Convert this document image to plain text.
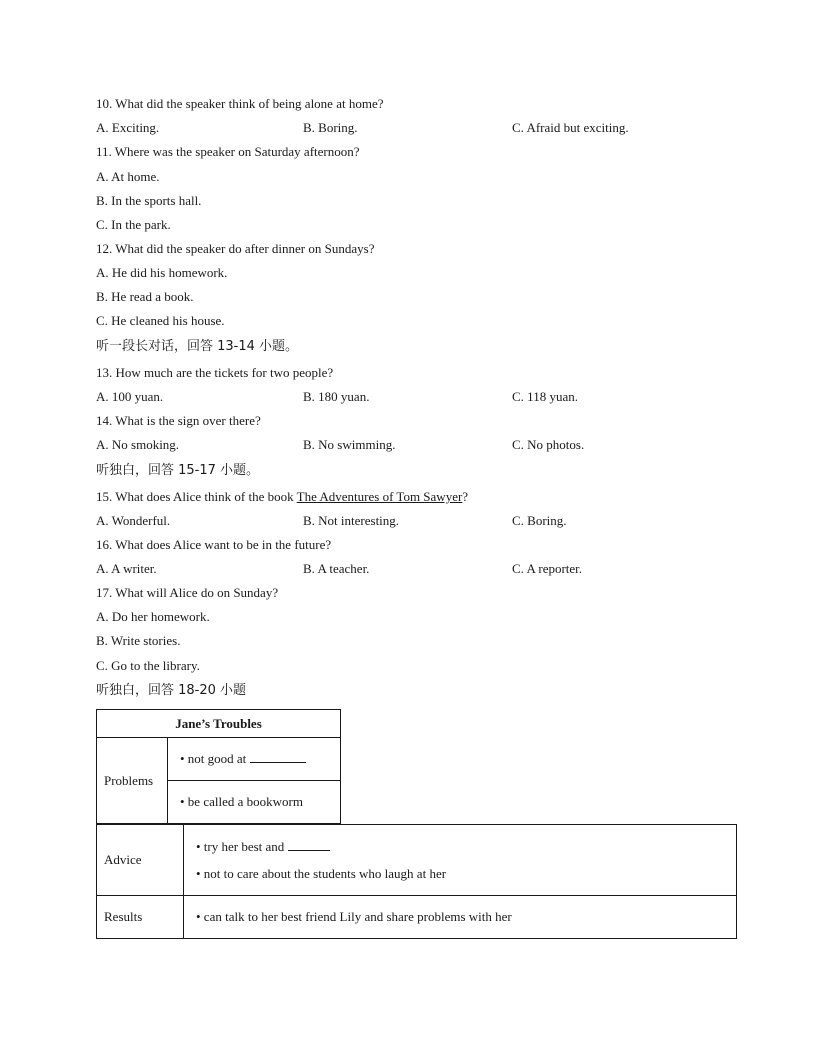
10. What did the speaker think of being alone at home?
A. Exciting.	B. Boring.	C. Afraid but exciting.
11. Where was the speaker on Saturday afternoon?
A. At home.
B. In the sports hall.
C. In the park.
12. What did the speaker do after dinner on Sundays?
A. He did his homework.
B. He read a book.
C. He cleaned his house.
听一段长对话，回答 13-14 小题。
13. How much are the tickets for two people?
A. 100 yuan.	B. 180 yuan.	C. 118 yuan.
14. What is the sign over there?
A. No smoking.	B. No swimming.	C. No photos.
听独白，回答 15-17 小题。
15. What does Alice think of the book The Adventures of Tom Sawyer?
A. Wonderful.	B. Not interesting.	C. Boring.
16. What does Alice want to be in the future?
A. A writer.	B. A teacher.	C. A reporter.
17. What will Alice do on Sunday?
A. Do her homework.
B. Write stories.
C. Go to the library.
听独白，回答 18-20 小题
Jane’s Troubles
Problems	• not good at
• be called a bookworm
Advice	• try her best and

• not to care about the students who laugh at her

Results	• can talk to her best friend Lily and share problems with her
